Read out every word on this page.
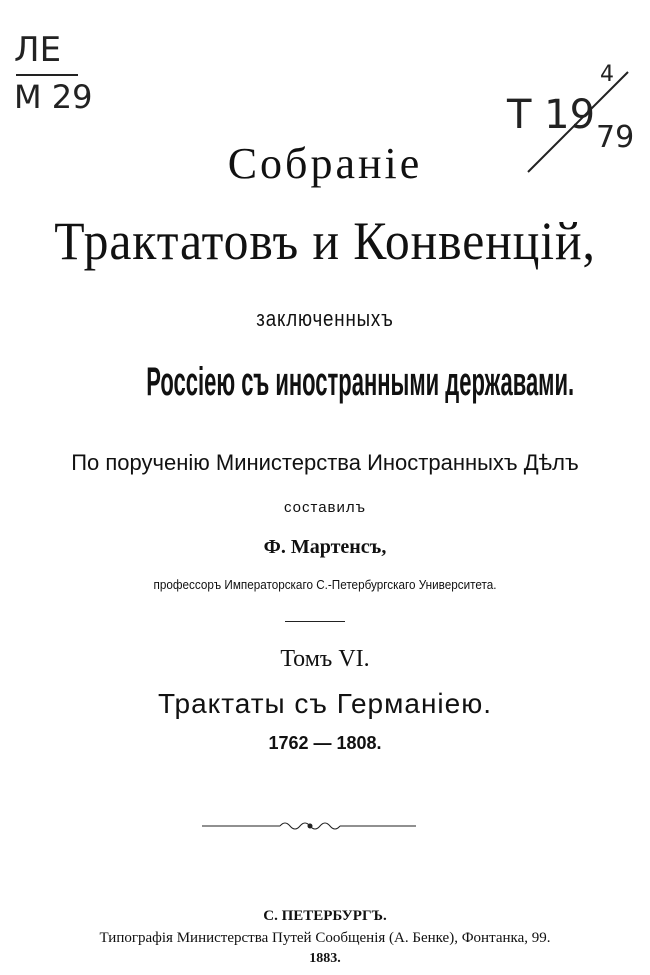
ЛЕ
M 29	T 19
4
79
Собраніе
Трактатовъ и Конвенцій,
заключенныхъ
Россіею съ иностранными державами.
По порученію Министерства Иностранныхъ Дѣлъ
составилъ
Ф. Мартенсъ,
профессоръ Императорскаго С.-Петербургскаго Университета.
Томъ VI.
Трактаты съ Германіею.
1762 — 1808.
С. ПЕТЕРБУРГЪ.
Типографія Министерства Путей Сообщенія (А. Бенке), Фонтанка, 99.
1883.
